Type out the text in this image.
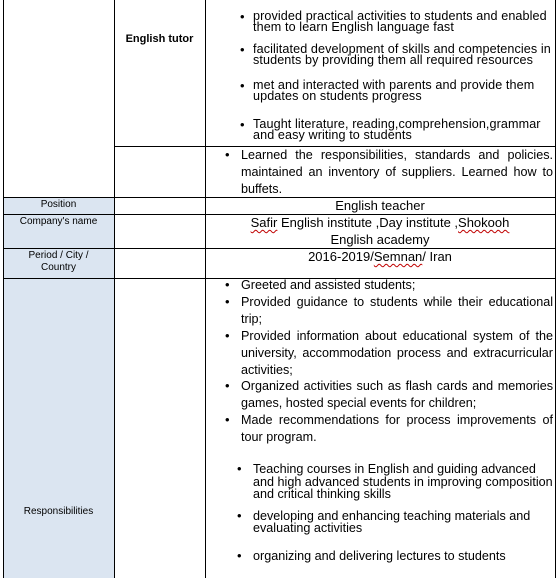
English tutor
• provided practical activities to students and enabled them to learn English language fast
• facilitated development of skills and competencies in students by providing them all required resources
• met and interacted with parents and provide them updates on students progress
• Taught literature, reading,comprehension,grammar and easy writing to students
• Learned the responsibilities, standards and policies. maintained an inventory of suppliers. Learned how to buffets.
Position	English teacher
Company's name	Safir English institute ,Day institute ,Shokooh
English academy
Period / City /
Country
2016-2019/Semnan/ Iran
Responsibilities
• Greeted and assisted students;
• Provided guidance to students while their educational trip;
• Provided information about educational system of the university, accommodation process and extracurricular activities;
• Organized activities such as flash cards and memories games, hosted special events for children;
• Made recommendations for process improvements of tour program.
• Teaching courses in English and guiding advanced and high advanced students in improving composition and critical thinking skills
• developing and enhancing teaching materials and evaluating activities
• organizing and delivering lectures to students
